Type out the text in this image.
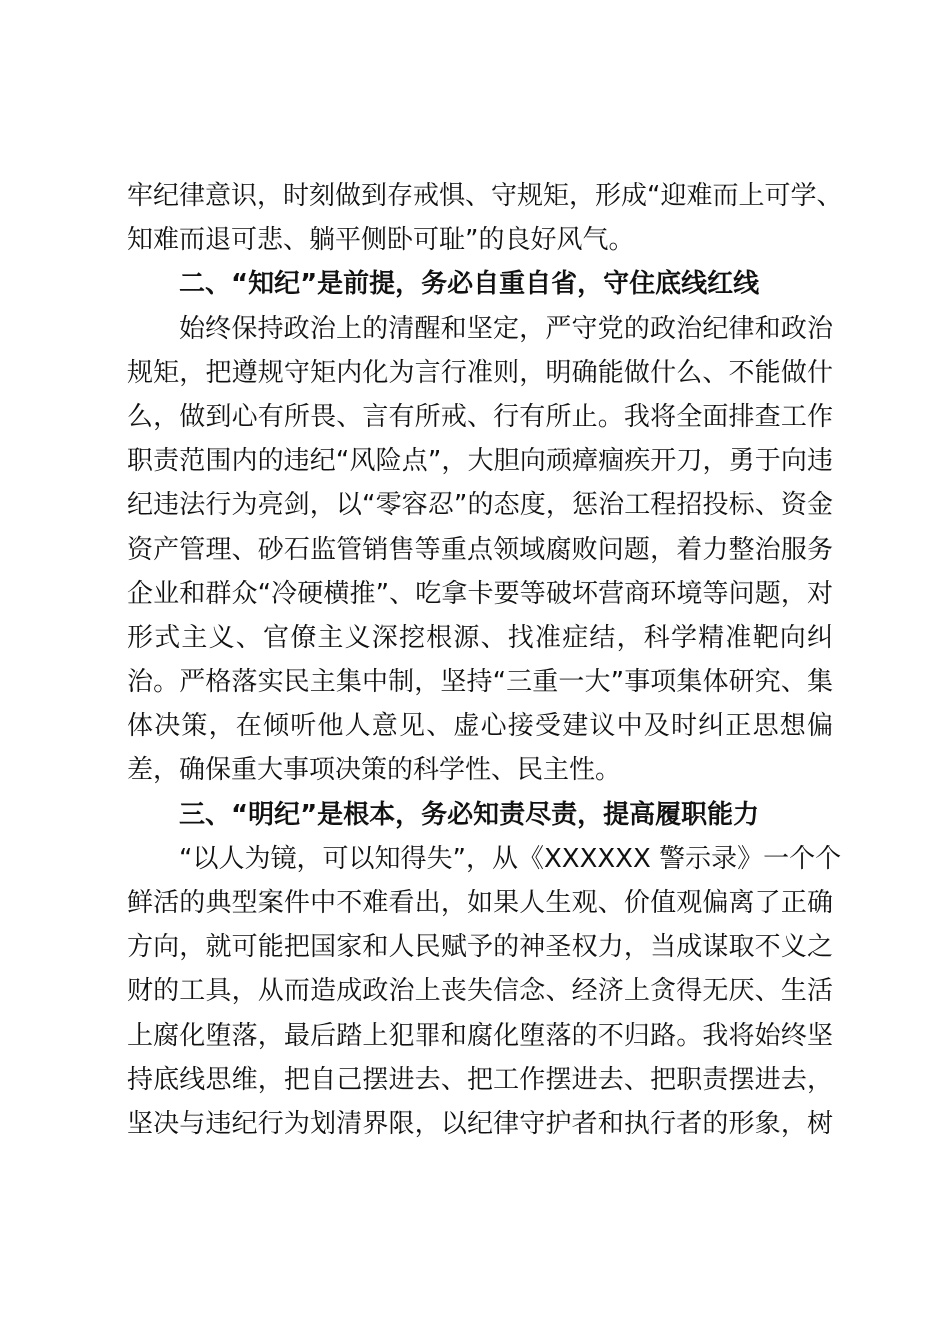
牢纪律意识，时刻做到存戒惧、守规矩，形成“迎难而上可学、
知难而退可悲、躺平侧卧可耻”的良好风气。
二、“知纪”是前提，务必自重自省，守住底线红线
始终保持政治上的清醒和坚定，严守党的政治纪律和政治
规矩，把遵规守矩内化为言行准则，明确能做什么、不能做什
么，做到心有所畏、言有所戒、行有所止。我将全面排查工作
职责范围内的违纪“风险点”，大胆向顽瘴痼疾开刀，勇于向违
纪违法行为亮剑，以“零容忍”的态度，惩治工程招投标、资金
资产管理、砂石监管销售等重点领域腐败问题，着力整治服务
企业和群众“冷硬横推”、吃拿卡要等破坏营商环境等问题，对
形式主义、官僚主义深挖根源、找准症结，科学精准靶向纠
治。严格落实民主集中制，坚持“三重一大”事项集体研究、集
体决策，在倾听他人意见、虚心接受建议中及时纠正思想偏
差，确保重大事项决策的科学性、民主性。
三、“明纪”是根本，务必知责尽责，提高履职能力
“以人为镜，可以知得失”，从《XXXXXX 警示录》一个个
鲜活的典型案件中不难看出，如果人生观、价值观偏离了正确
方向，就可能把国家和人民赋予的神圣权力，当成谋取不义之
财的工具，从而造成政治上丧失信念、经济上贪得无厌、生活
上腐化堕落，最后踏上犯罪和腐化堕落的不归路。我将始终坚
持底线思维，把自己摆进去、把工作摆进去、把职责摆进去，
坚决与违纪行为划清界限，以纪律守护者和执行者的形象，树
